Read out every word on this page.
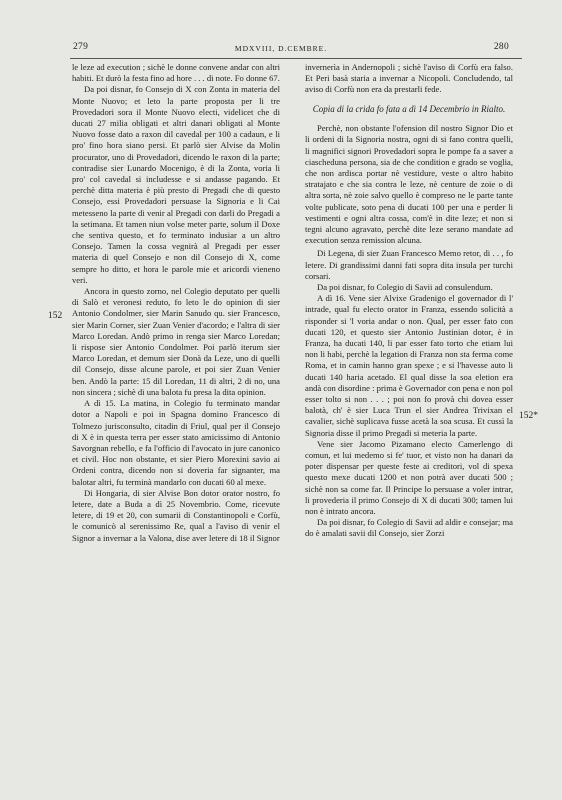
279	MDXVIII, D.CEMBRE.	280
152
152*

le leze ad execution ; sichè le donne convene andar con altri habiti. Et durò la festa fino ad hore . . . di note. Fo donne 67.

Da poi disnar, fo Consejo di X con Zonta in materia del Monte Nuovo; et leto la parte proposta per li tre Provedadori sora il Monte Nuovo electi, videlicet che di ducati 27 milia obligati et altri danari obligati al Monte Nuovo fosse dato a raxon dil cavedal per 100 a cadaun, e li pro' fino hora siano persi. Et parlò sier Alvise da Molin procurator, uno di Provedadori, dicendo le raxon di la parte; contradise sier Lunardo Mocenigo, è di la Zonta, voria li pro' col cavedal si includesse e si andasse pagando. Et perchè ditta materia è più presto di Pregadi che di questo Consejo, essi Provedadori persuase la Signoria e li Cai metesseno la parte di venir al Pregadi con darli do Pregadi a la setimana. Et tamen niun volse meter parte, solum il Doxe che sentiva questo, et fo terminato indusiar a un altro Consejo. Tamen la cossa vegnirà al Pregadi per esser materia di quel Consejo e non dil Consejo di X, come sempre ho ditto, et hora le parole mie et aricordi vieneno veri.

Ancora in questo zorno, nel Colegio deputato per quelli di Salò et veronesi reduto, fo leto le do opinion di sier Antonio Condolmer, sier Marin Sanudo qu. sier Francesco, sier Marin Corner, sier Zuan Venier d'acordo; e l'altra di sier Marco Loredan. Andò primo in renga sier Marco Loredan; li rispose sier Antonio Condolmer. Poi parlò iterum sier Marco Loredan, et demum sier Donà da Leze, uno di quelli dil Consejo, disse alcune parole, et poi sier Zuan Venier ben. Andò la parte: 15 dil Loredan, 11 di altri, 2 di no, una non sincera ; sichè di una balota fu presa la dita opinion.

A dì 15. La matina, in Colegio fu terminato mandar dotor a Napoli e poi in Spagna domino Francesco di Tolmezo jurisconsulto, citadin di Friul, qual per il Consejo di X è in questa terra per esser stato amicissimo di Antonio Savorgnan rebello, e fa l'officio di l'avocato in jure canonico et civil. Hoc non obstante, et sier Piero Morexini savio ai Ordeni contra, dicendo non si doveria far signanter, ma balotar altri, fu terminà mandarlo con ducati 60 al mexe.

Di Hongaria, di sier Alvise Bon dotor orator nostro, fo letere, date a Buda a dì 25 Novembrio. Come, ricevute letere, di 19 et 20, con sumarii di Constantinopoli e Corfù, le comunicò al serenissimo Re, qual a l'aviso di venir el Signor a invernar a la Valona, dise aver letere di 18 il Signor

invernerìa in Andernopoli ; sichè l'aviso di Corfù era falso. Et Peri basà staria a invernar a Nicopoli. Concludendo, tal aviso di Corfù non era da prestarli fede.

Copia di la crida fo fata a dì 14 Decembrio in Rialto.

Perchè, non obstante l'ofension dil nostro Signor Dio et li ordeni di la Signoria nostra, ogni di si fano contra quelli, li magnifici signori Provedadori sopra le pompe fa a saver a ciascheduna persona, sia de che condition e grado se voglia, che non ardisca portar nè vestidure, veste o altro habito stratajato e che sia contra le leze, nè centure de zoie o di altra sorta, nè zoie salvo quello è compreso ne le parte tante volte publicate, soto pena di ducati 100 per una e perder li vestimenti e ogni altra cossa, com'è in dite leze; et non si tegni alcuno agravato, perchè dite leze serano mandate ad execution senza remission alcuna.

Di Legena, di sier Zuan Francesco Memo retor, di . . , fo letere. Di grandissimi danni fati sopra dita insula per turchi corsari.

Da poi disnar, fo Colegio di Savii ad consulendum.

A dì 16. Vene sier Alvixe Gradenigo el governador di l' intrade, qual fu electo orator in Franza, essendo solicità a risponder si 'l voria andar o non. Qual, per esser fato con ducati 120, et questo sier Antonio Justinian dotor, è in Franza, ha ducati 140, li par esser fato torto che etiam lui non li habi, perchè la legation di Franza non sta ferma come Roma, et in camin hanno gran spexe ; e si l'havesse auto li ducati 140 haria acetado. El qual disse la soa eletion era andà con disordine : prima è Governador con pena e non pol esser tolto si non . . . ; poi non fo provà chi dovea esser balotà, ch' è sier Luca Trun el sier Andrea Trivixan el cavalier, sichè suplicava fusse acetà la soa scusa. Et cussì la Signoria disse il primo Pregadi si meteria la parte.

Vene sier Jacomo Pizamano electo Camerlengo di comun, et lui medemo si fe' tuor, et visto non ha danari da poter dispensar per queste feste ai creditori, vol di spexa questo mexe ducati 1200 et non potrà aver ducati 500 ; sichè non sa come far. Il Principe lo persuase a voler intrar, li provederia il primo Consejo di X di ducati 300; tamen lui non è intrato ancora.

Da poi disnar, fo Colegio di Savii ad aldir e consejar; ma do è amalati savii dil Consejo, sier Zorzi
